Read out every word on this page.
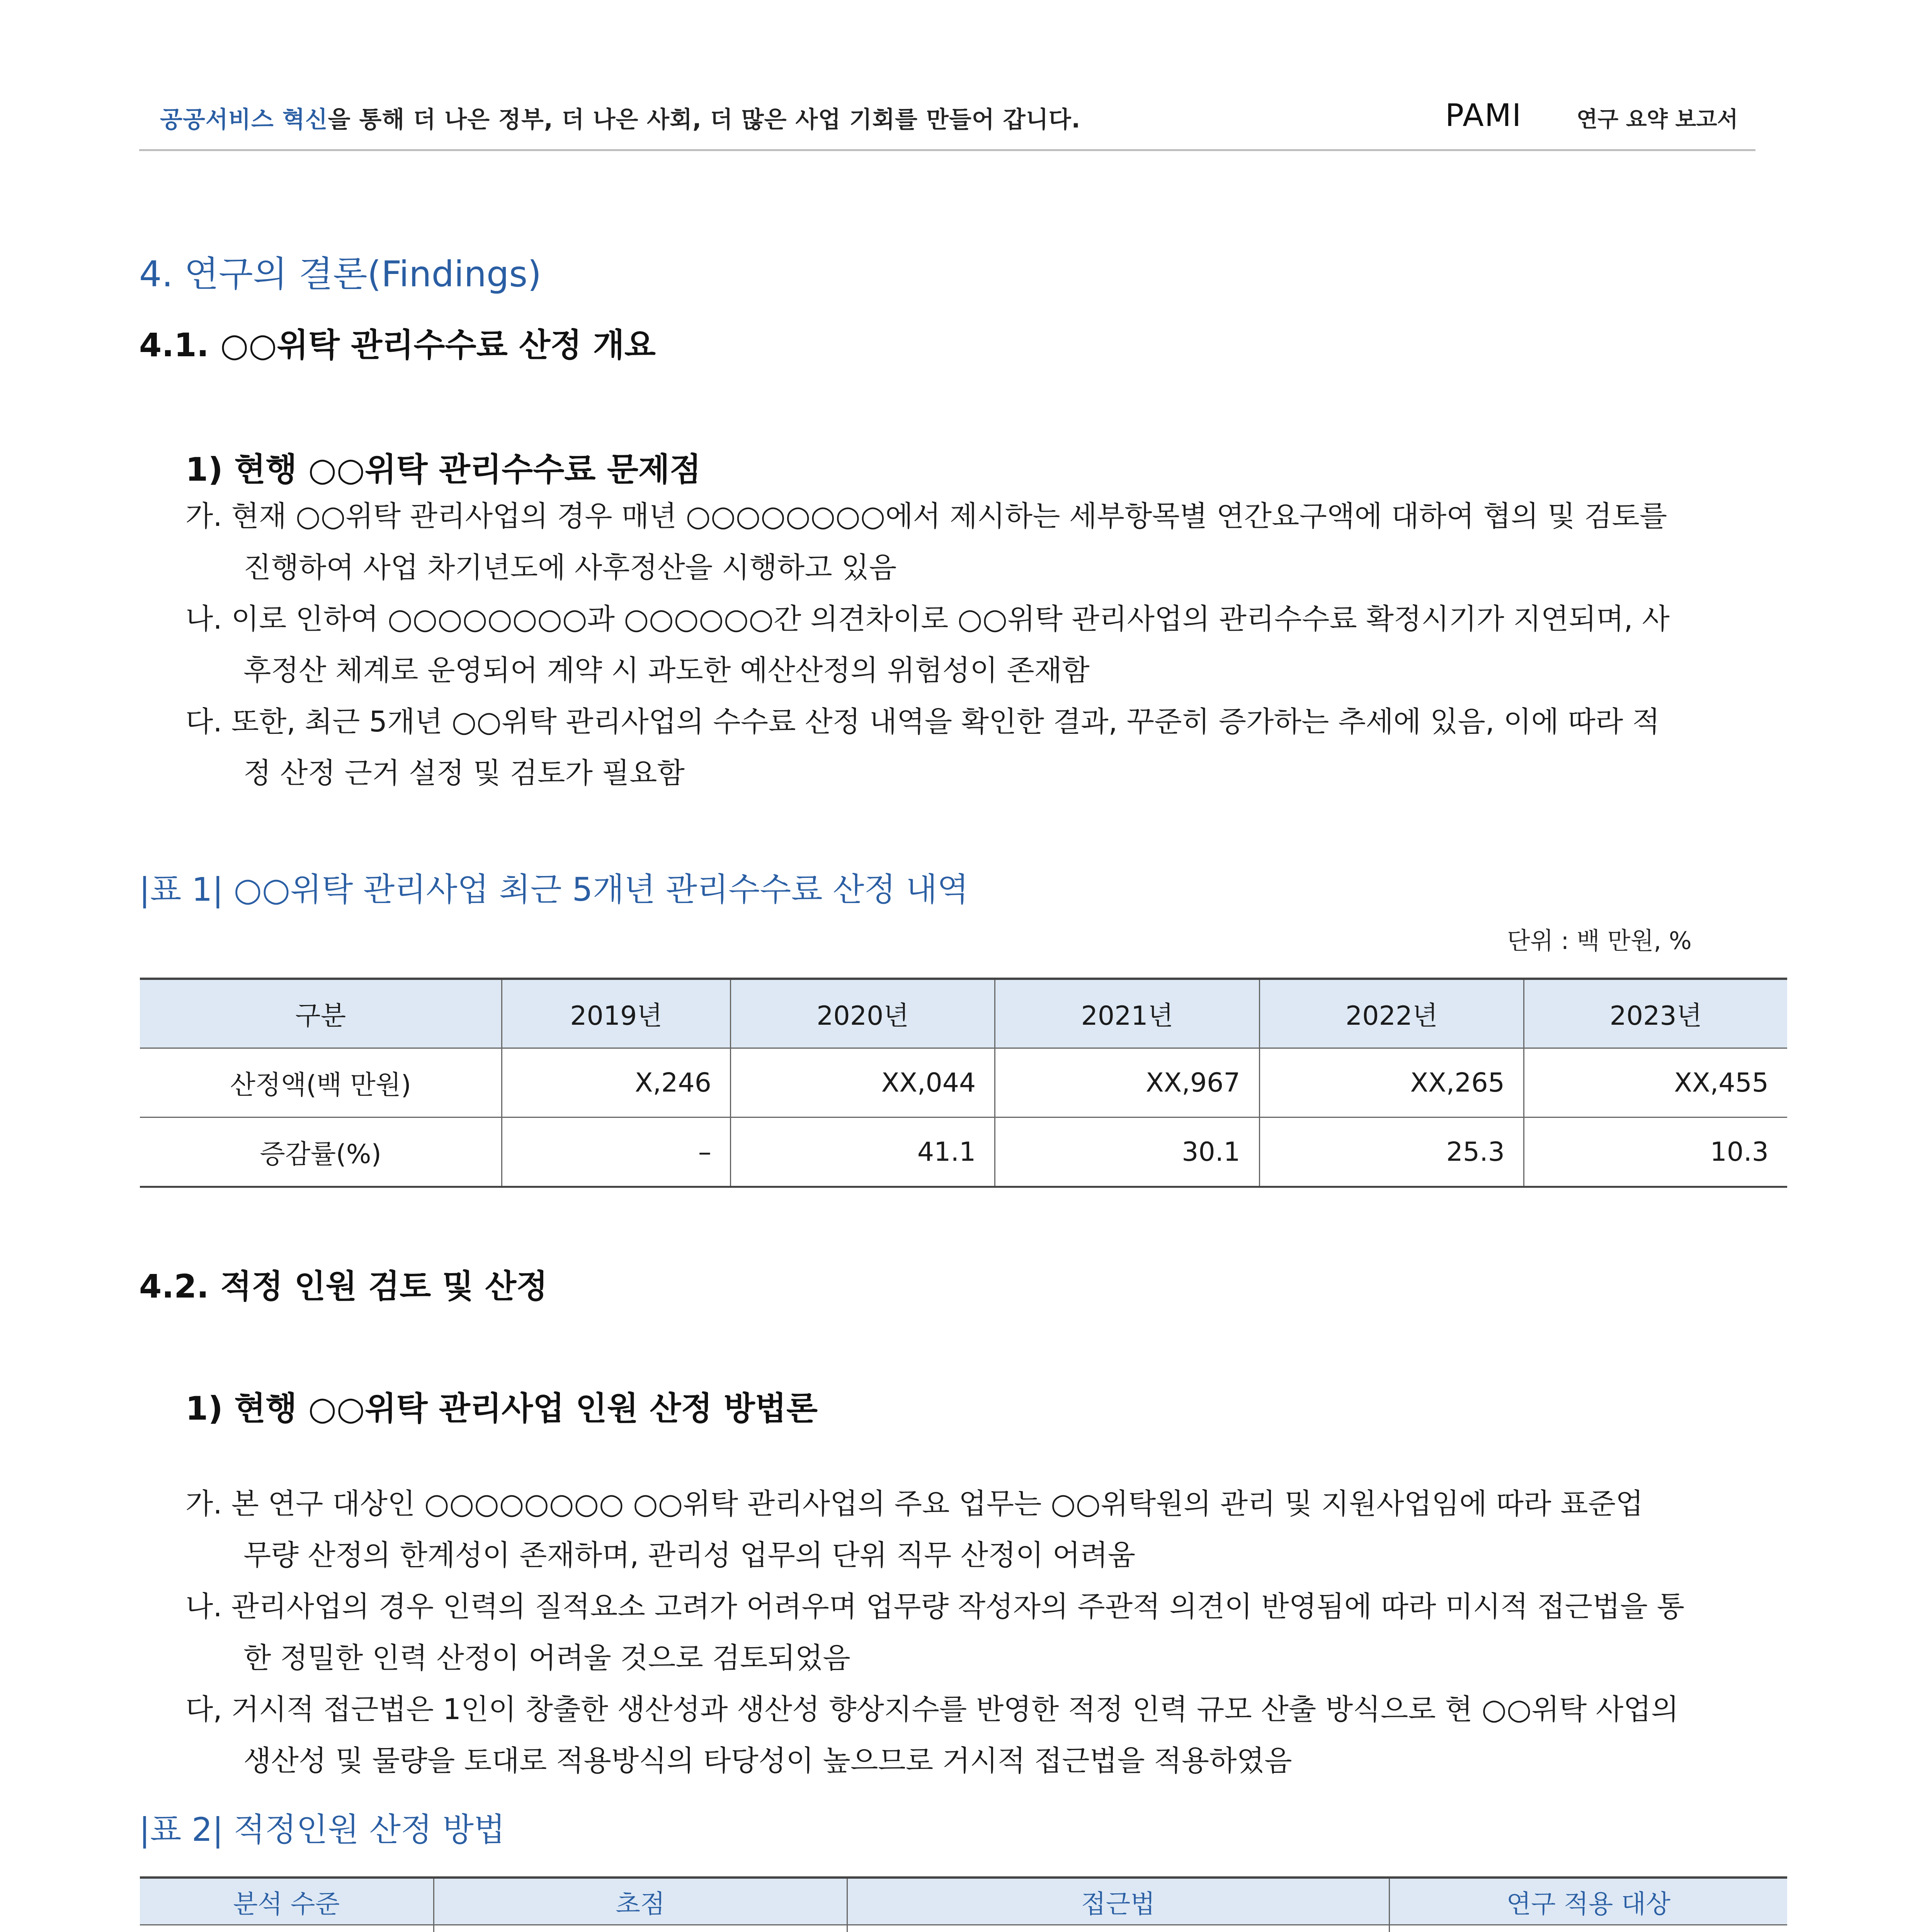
공공서비스 혁신을 통해 더 나은 정부, 더 나은 사회, 더 많은 사업 기회를 만들어 갑니다.	PAMI	연구 요약 보고서
4. 연구의 결론(Findings)
4.1. ○○위탁 관리수수료 산정 개요
1) 현행 ○○위탁 관리수수료 문제점
가. 현재 ○○위탁 관리사업의 경우 매년 ○○○○○○○○에서 제시하는 세부항목별 연간요구액에 대하여 협의 및 검토를
진행하여 사업 차기년도에 사후정산을 시행하고 있음
나. 이로 인하여 ○○○○○○○○과 ○○○○○○간 의견차이로 ○○위탁 관리사업의 관리수수료 확정시기가 지연되며, 사
후정산 체계로 운영되어 계약 시 과도한 예산산정의 위험성이 존재함
다. 또한, 최근 5개년 ○○위탁 관리사업의 수수료 산정 내역을 확인한 결과, 꾸준히 증가하는 추세에 있음, 이에 따라 적
정 산정 근거 설정 및 검토가 필요함
|표 1| ○○위탁 관리사업 최근 5개년 관리수수료 산정 내역
단위 : 백 만원, %
구분	2019년	2020년	2021년	2022년	2023년
산정액(백 만원)	X,246	XX,044	XX,967	XX,265	XX,455
증감률(%)	–	41.1	30.1	25.3	10.3
4.2. 적정 인원 검토 및 산정
1) 현행 ○○위탁 관리사업 인원 산정 방법론
가. 본 연구 대상인 ○○○○○○○○ ○○위탁 관리사업의 주요 업무는 ○○위탁원의 관리 및 지원사업임에 따라 표준업
무량 산정의 한계성이 존재하며, 관리성 업무의 단위 직무 산정이 어려움
나. 관리사업의 경우 인력의 질적요소 고려가 어려우며 업무량 작성자의 주관적 의견이 반영됨에 따라 미시적 접근법을 통
한 정밀한 인력 산정이 어려울 것으로 검토되었음
다, 거시적 접근법은 1인이 창출한 생산성과 생산성 향상지수를 반영한 적정 인력 규모 산출 방식으로 현 ○○위탁 사업의
생산성 및 물량을 토대로 적용방식의 타당성이 높으므로 거시적 접근법을 적용하였음
|표 2| 적정인원 산정 방법
분석 수준	초점	접근법	연구 적용 대상
